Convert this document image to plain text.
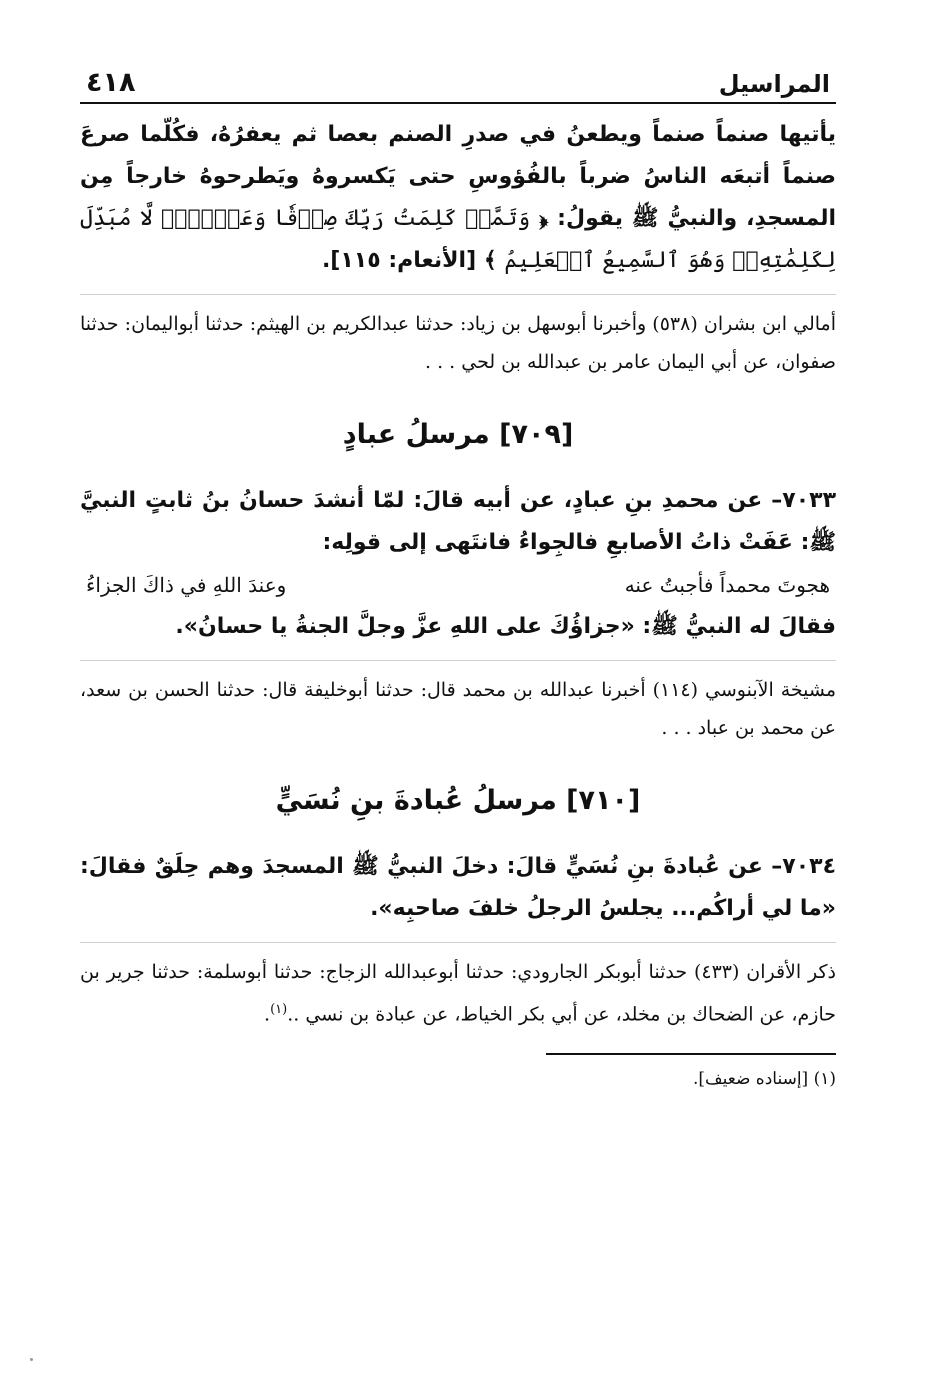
المراسيل
٤١٨

يأتيها صنماً صنماً ويطعنُ في صدرِ الصنم بعصا ثم يعفرُهُ، فكُلّما صرعَ صنماً أتبعَه الناسُ ضرباً بالفُؤوسِ حتى يَكسروهُ ويَطرحوهُ خارجاً مِن المسجدِ، والنبيُّ ﷺ يقولُ: ﴿ وَتَمَّتۡ كَلِمَتُ رَبِّكَ صِدۡقٗا وَعَدۡلٗاۚ لَّا مُبَدِّلَ لِكَلِمَٰتِهِۦۚ وَهُوَ ٱلسَّمِيعُ ٱلۡعَلِيمُ ﴾ [الأنعام: ١١٥].

أمالي ابن بشران (٥٣٨) وأخبرنا أبوسهل بن زياد: حدثنا عبدالكريم بن الهيثم: حدثنا أبواليمان: حدثنا صفوان، عن أبي اليمان عامر بن عبدالله بن لحي . . .

[٧٠٩] مرسلُ عبادٍ

٧٠٣٣– عن محمدِ بنِ عبادٍ، عن أبيه قالَ: لمّا أنشدَ حسانُ بنُ ثابتٍ النبيَّ ﷺ: عَفَتْ ذاتُ الأصابعِ فالجِواءُ فانتَهى إلى قولِه:

هجوتَ محمداً فأجبتُ عنه
وعندَ اللهِ في ذاكَ الجزاءُ

فقالَ له النبيُّ ﷺ: «جزاؤُكَ على اللهِ عزَّ وجلَّ الجنةُ يا حسانُ».

مشيخة الآبنوسي (١١٤) أخبرنا عبدالله بن محمد قال: حدثنا أبوخليفة قال: حدثنا الحسن بن سعد، عن محمد بن عباد . . .

[٧١٠] مرسلُ عُبادةَ بنِ نُسَيٍّ

٧٠٣٤– عن عُبادةَ بنِ نُسَيٍّ قالَ: دخلَ النبيُّ ﷺ المسجدَ وهم حِلَقٌ فقالَ: «ما لي أراكُم... يجلسُ الرجلُ خلفَ صاحبِه».

ذكر الأقران (٤٣٣) حدثنا أبوبكر الجارودي: حدثنا أبوعبدالله الزجاج: حدثنا أبوسلمة: حدثنا جرير بن حازم، عن الضحاك بن مخلد، عن أبي بكر الخياط، عن عبادة بن نسي ..$^{(١)}$.

(١) [إسناده ضعيف].
